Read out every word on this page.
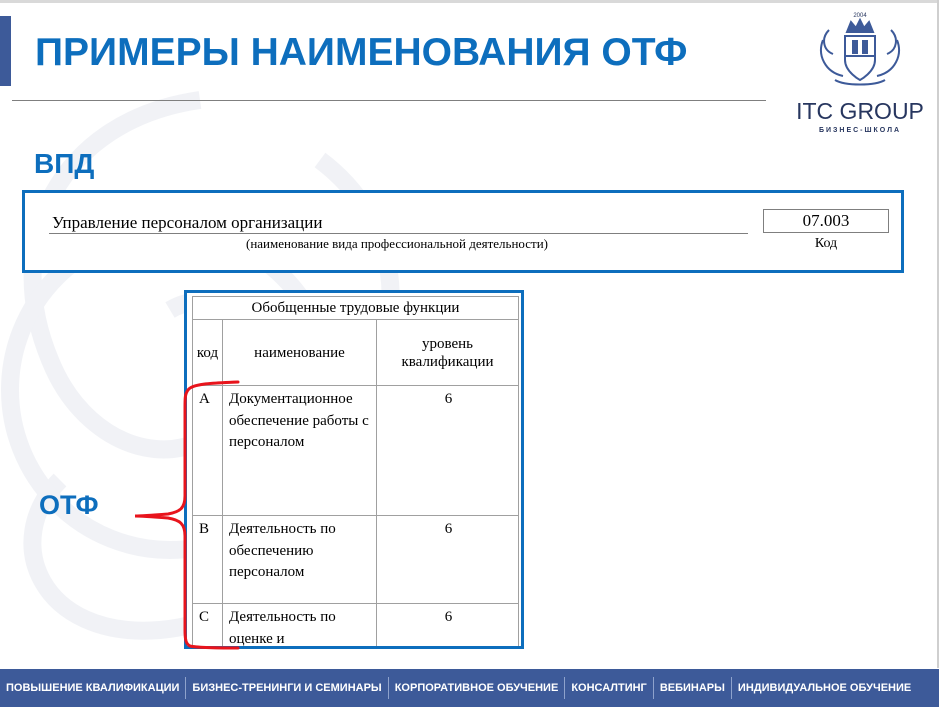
ПРИМЕРЫ НАИМЕНОВАНИЯ ОТФ
2004
ITC GROUP
БИЗНЕС-ШКОЛА
ВПД
Управление персоналом организации
(наименование вида профессиональной деятельности)
07.003
Код
Обобщенные трудовые функции		
код	наименование	уровень квалификации
A	Документационное обеспечение работы с персоналом	6
B	Деятельность по обеспечению персоналом	6
C	Деятельность по оценке и	6
ОТФ
ПОВЫШЕНИЕ КВАЛИФИКАЦИИ	БИЗНЕС-ТРЕНИНГИ И СЕМИНАРЫ	КОРПОРАТИВНОЕ ОБУЧЕНИЕ	КОНСАЛТИНГ	ВЕБИНАРЫ	ИНДИВИДУАЛЬНОЕ ОБУЧЕНИЕ
